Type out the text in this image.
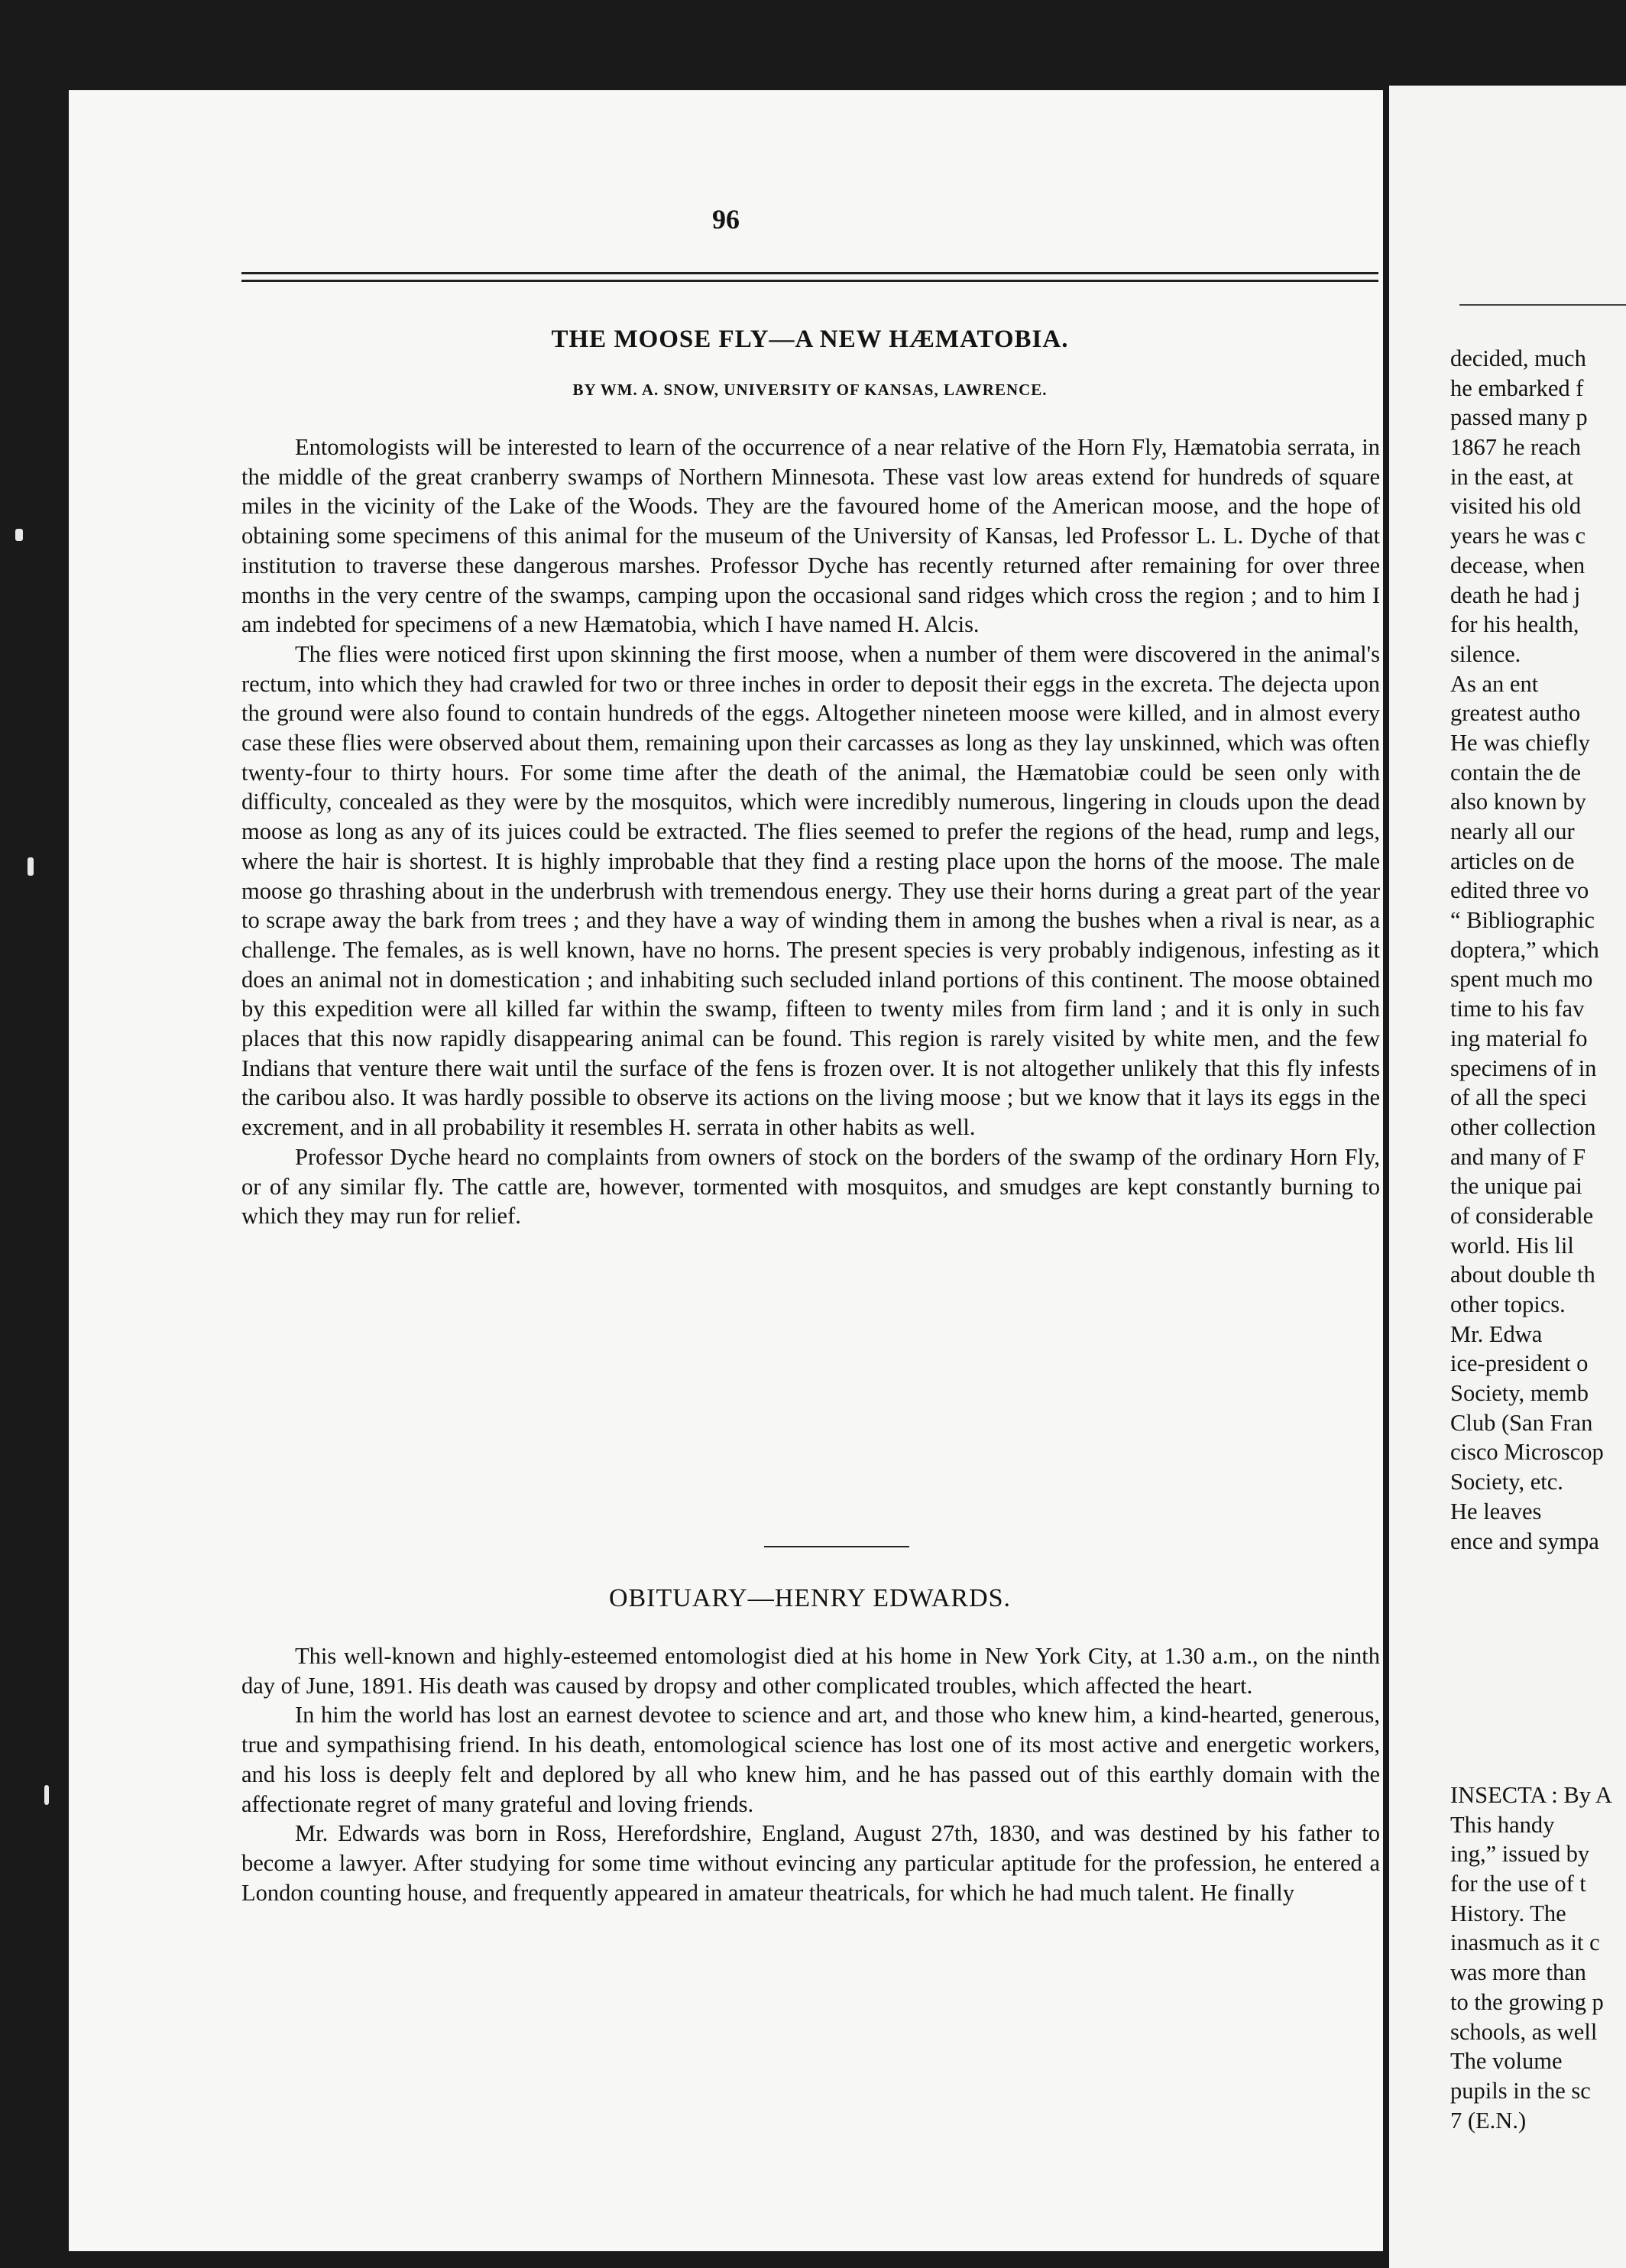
96
THE MOOSE FLY—A NEW HÆMATOBIA.
BY WM. A. SNOW, UNIVERSITY OF KANSAS, LAWRENCE.

Entomologists will be interested to learn of the occurrence of a near relative of the Horn Fly, Hæmatobia serrata, in the middle of the great cranberry swamps of Northern Minnesota. These vast low areas extend for hundreds of square miles in the vicinity of the Lake of the Woods. They are the favoured home of the American moose, and the hope of obtaining some specimens of this animal for the museum of the University of Kansas, led Professor L. L. Dyche of that institution to traverse these dangerous marshes. Professor Dyche has recently returned after remaining for over three months in the very centre of the swamps, camping upon the occasional sand ridges which cross the region ; and to him I am indebted for specimens of a new Hæmatobia, which I have named H. Alcis.

The flies were noticed first upon skinning the first moose, when a number of them were discovered in the animal's rectum, into which they had crawled for two or three inches in order to deposit their eggs in the excreta. The dejecta upon the ground were also found to contain hundreds of the eggs. Altogether nineteen moose were killed, and in almost every case these flies were observed about them, remaining upon their carcasses as long as they lay unskinned, which was often twenty-four to thirty hours. For some time after the death of the animal, the Hæmatobiæ could be seen only with difficulty, concealed as they were by the mosquitos, which were incredibly numerous, lingering in clouds upon the dead moose as long as any of its juices could be extracted. The flies seemed to prefer the regions of the head, rump and legs, where the hair is shortest. It is highly improbable that they find a resting place upon the horns of the moose. The male moose go thrashing about in the underbrush with tremendous energy. They use their horns during a great part of the year to scrape away the bark from trees ; and they have a way of winding them in among the bushes when a rival is near, as a challenge. The females, as is well known, have no horns. The present species is very probably indigenous, infesting as it does an animal not in domestication ; and inhabiting such secluded inland portions of this continent. The moose obtained by this expedition were all killed far within the swamp, fifteen to twenty miles from firm land ; and it is only in such places that this now rapidly disappearing animal can be found. This region is rarely visited by white men, and the few Indians that venture there wait until the surface of the fens is frozen over. It is not altogether unlikely that this fly infests the caribou also. It was hardly possible to observe its actions on the living moose ; but we know that it lays its eggs in the excrement, and in all probability it resembles H. serrata in other habits as well.

Professor Dyche heard no complaints from owners of stock on the borders of the swamp of the ordinary Horn Fly, or of any similar fly. The cattle are, however, tormented with mosquitos, and smudges are kept constantly burning to which they may run for relief.

OBITUARY—HENRY EDWARDS.

This well-known and highly-esteemed entomologist died at his home in New York City, at 1.30 a.m., on the ninth day of June, 1891. His death was caused by dropsy and other complicated troubles, which affected the heart.

In him the world has lost an earnest devotee to science and art, and those who knew him, a kind-hearted, generous, true and sympathising friend. In his death, entomological science has lost one of its most active and energetic workers, and his loss is deeply felt and deplored by all who knew him, and he has passed out of this earthly domain with the affectionate regret of many grateful and loving friends.

Mr. Edwards was born in Ross, Herefordshire, England, August 27th, 1830, and was destined by his father to become a lawyer. After studying for some time without evincing any particular aptitude for the profession, he entered a London counting house, and frequently appeared in amateur theatricals, for which he had much talent. He finally

decided, much
he embarked f
passed many p
1867 he reach
in the east, at
visited his old
years he was c
decease, when
death he had j
for his health,
silence.
As an ent
greatest autho
He was chiefly
contain the de
also known by
nearly all our
articles on de
edited three vo
“ Bibliographic
doptera,” which
spent much mo
time to his fav
ing material fo
specimens of in
of all the speci
other collection
and many of F
the unique pai
of considerable
world. His lil
about double th
other topics.
Mr. Edwa
ice-president o
Society, memb
Club (San Fran
cisco Microscop
Society, etc.
He leaves
ence and sympa
INSECTA : By A
This handy
ing,” issued by
for the use of t
History. The
inasmuch as it c
was more than
to the growing p
schools, as well
The volume
pupils in the sc
7 (E.N.)
